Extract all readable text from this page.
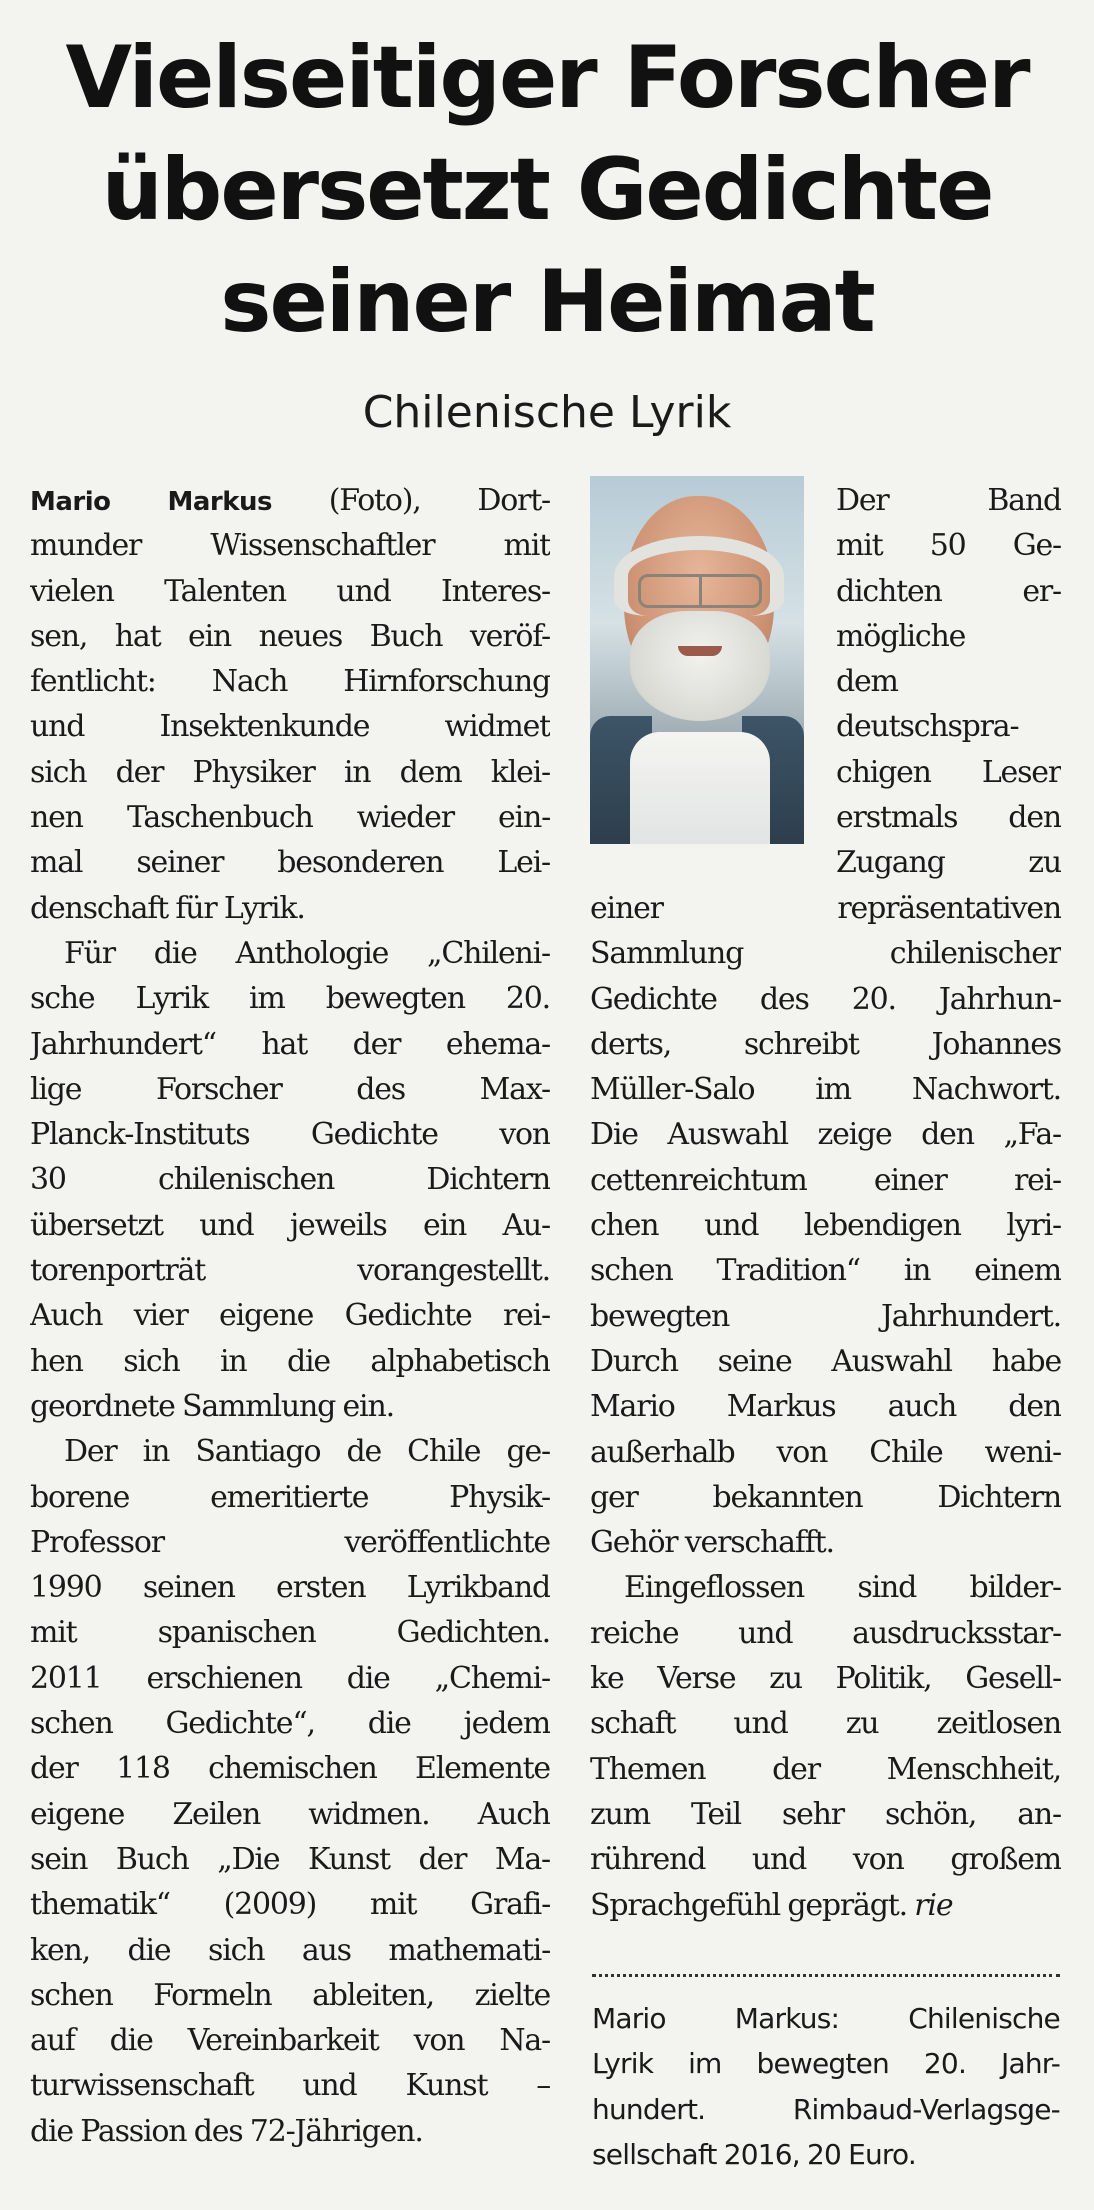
Vielseitiger Forscher
übersetzt Gedichte
seiner Heimat
Chilenische Lyrik
Mario Markus (Foto), Dort-
munder Wissenschaftler mit
vielen Talenten und Interes-
sen, hat ein neues Buch veröf-
fentlicht: Nach Hirnforschung
und Insektenkunde widmet
sich der Physiker in dem klei-
nen Taschenbuch wieder ein-
mal seiner besonderen Lei-
denschaft für Lyrik.
Für die Anthologie „Chileni-
sche Lyrik im bewegten 20.
Jahrhundert“ hat der ehema-
lige Forscher des Max-
Planck-Instituts Gedichte von
30 chilenischen Dichtern
übersetzt und jeweils ein Au-
torenporträt vorangestellt.
Auch vier eigene Gedichte rei-
hen sich in die alphabetisch
geordnete Sammlung ein.
Der in Santiago de Chile ge-
borene emeritierte Physik-
Professor veröffentlichte
1990 seinen ersten Lyrikband
mit spanischen Gedichten.
2011 erschienen die „Chemi-
schen Gedichte“, die jedem
der 118 chemischen Elemente
eigene Zeilen widmen. Auch
sein Buch „Die Kunst der Ma-
thematik“ (2009) mit Grafi-
ken, die sich aus mathemati-
schen Formeln ableiten, zielte
auf die Vereinbarkeit von Na-
turwissenschaft und Kunst –
die Passion des 72-Jährigen.
Der Band
mit 50 Ge-
dichten er-
mögliche
dem
deutschspra-
chigen Leser
erstmals den
Zugang zu
einer repräsentativen
Sammlung chilenischer
Gedichte des 20. Jahrhun-
derts, schreibt Johannes
Müller-Salo im Nachwort.
Die Auswahl zeige den „Fa-
cettenreichtum einer rei-
chen und lebendigen lyri-
schen Tradition“ in einem
bewegten Jahrhundert.
Durch seine Auswahl habe
Mario Markus auch den
außerhalb von Chile weni-
ger bekannten Dichtern
Gehör verschafft.
Eingeflossen sind bilder-
reiche und ausdrucksstar-
ke Verse zu Politik, Gesell-
schaft und zu zeitlosen
Themen der Menschheit,
zum Teil sehr schön, an-
rührend und von großem
Sprachgefühl geprägt. rie
Mario Markus: Chilenische
Lyrik im bewegten 20. Jahr-
hundert. Rimbaud-Verlagsge-
sellschaft 2016, 20 Euro.
